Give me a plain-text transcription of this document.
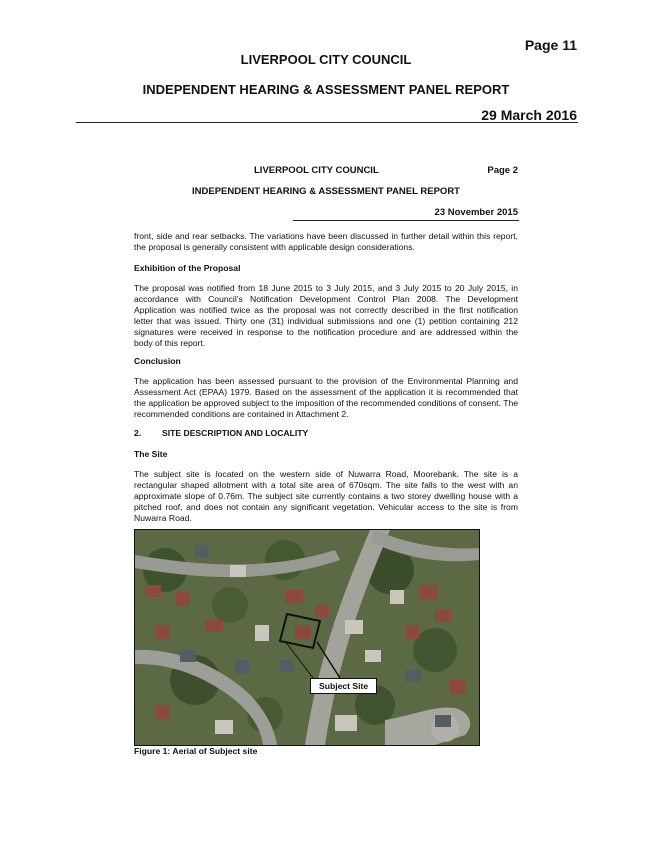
Page 11
LIVERPOOL CITY COUNCIL
INDEPENDENT HEARING & ASSESSMENT PANEL REPORT
29 March 2016
LIVERPOOL CITY COUNCIL	Page 2
INDEPENDENT HEARING & ASSESSMENT PANEL REPORT
23 November 2015
front, side and rear setbacks. The variations have been discussed in further detail within this report, the proposal is generally consistent with applicable design considerations.
Exhibition of the Proposal
The proposal was notified from 18 June 2015 to 3 July 2015, and 3 July 2015 to 20 July 2015, in accordance with Council’s Notification Development Control Plan 2008. The Development Application was notified twice as the proposal was not correctly described in the first notification letter that was issued. Thirty one (31) individual submissions and one (1) petition containing 212 signatures were received in response to the notification procedure and are addressed within the body of this report.
Conclusion
The application has been assessed pursuant to the provision of the Environmental Planning and Assessment Act (EPAA) 1979. Based on the assessment of the application it is recommended that the application be approved subject to the imposition of the recommended conditions of consent. The recommended conditions are contained in Attachment 2.
2. SITE DESCRIPTION AND LOCALITY
The Site
The subject site is located on the western side of Nuwarra Road, Moorebank. The site is a rectangular shaped allotment with a total site area of 670sqm. The site falls to the west with an approximate slope of 0.76m. The subject site currently contains a two storey dwelling house with a pitched roof, and does not contain any significant vegetation. Vehicular access to the site is from Nuwarra Road.
Subject Site
Figure 1: Aerial of Subject site
